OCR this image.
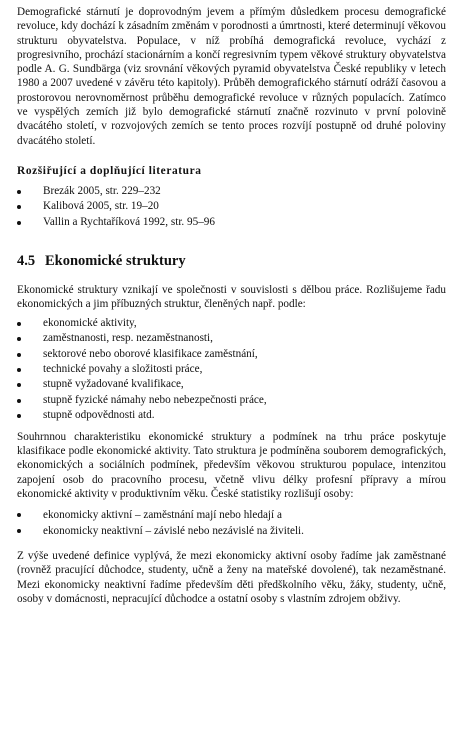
Demografické stárnutí je doprovodným jevem a přímým důsledkem procesu demografické revoluce, kdy dochází k zásadním změnám v porodnosti a úmrtnosti, které determinují věkovou strukturu obyvatelstva. Populace, v níž probíhá demografická revoluce, vychází z progresivního, prochází stacionárním a končí regresivním typem věkové struktury obyvatelstva podle A. G. Sundbärga (viz srovnání věkových pyramid obyvatelstva České republiky v letech 1980 a 2007 uvedené v závěru této kapitoly). Průběh demografického stárnutí odráží časovou a prostorovou nerovnoměrnost průběhu demografické revoluce v různých populacích. Zatímco ve vyspělých zemích již bylo demografické stárnutí značně rozvinuto v první polovině dvacátého století, v rozvojových zemích se tento proces rozvíjí postupně od druhé poloviny dvacátého století.

Rozšiřující a doplňující literatura
Brezák 2005, str. 229–232
Kalibová 2005, str. 19–20
Vallin a Rychtaříková 1992, str. 95–96
4.5 Ekonomické struktury

Ekonomické struktury vznikají ve společnosti v souvislosti s dělbou práce. Rozlišujeme řadu ekonomických a jim příbuzných struktur, členěných např. podle:

ekonomické aktivity,
zaměstnanosti, resp. nezaměstnanosti,
sektorové nebo oborové klasifikace zaměstnání,
technické povahy a složitosti práce,
stupně vyžadované kvalifikace,
stupně fyzické námahy nebo nebezpečnosti práce,
stupně odpovědnosti atd.

Souhrnnou charakteristiku ekonomické struktury a podmínek na trhu práce poskytuje klasifikace podle ekonomické aktivity. Tato struktura je podmíněna souborem demografických, ekonomických a sociálních podmínek, především věkovou strukturou populace, intenzitou zapojení osob do pracovního procesu, včetně vlivu délky profesní přípravy a mírou ekonomické aktivity v produktivním věku. České statistiky rozlišují osoby:

ekonomicky aktivní – zaměstnání mají nebo hledají a
ekonomicky neaktivní – závislé nebo nezávislé na živiteli.

Z výše uvedené definice vyplývá, že mezi ekonomicky aktivní osoby řadíme jak zaměstnané (rovněž pracující důchodce, studenty, učně a ženy na mateřské dovolené), tak nezaměstnané. Mezi ekonomicky neaktivní řadíme především děti předškolního věku, žáky, studenty, učně, osoby v domácnosti, nepracující důchodce a ostatní osoby s vlastním zdrojem obživy.
